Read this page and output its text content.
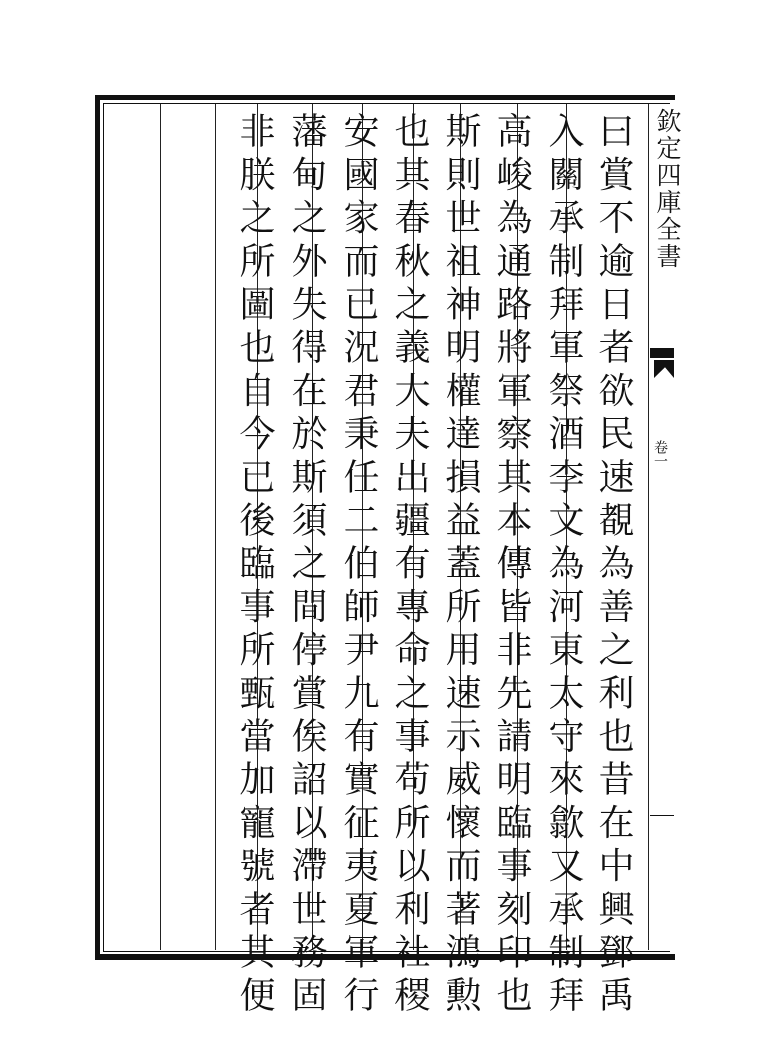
曰賞不逾日者欲民速覩為善之利也昔在中興鄧禹
入關承制拜軍祭酒李文為河東太守來歙又承制拜
高峻為通路將軍察其本傳皆非先請明臨事刻印也
斯則世祖神明權達損益蓋所用速示威懷而著鴻勲
也其春秋之義大夫出疆有專命之事苟所以利社稷
安國家而已況君秉任二伯師尹九有實征夷夏軍行
藩甸之外失得在於斯須之間停賞俟詔以滯世務固
非朕之所圖也自今已後臨事所甄當加寵號者其便	欽定四庫全書
卷一
